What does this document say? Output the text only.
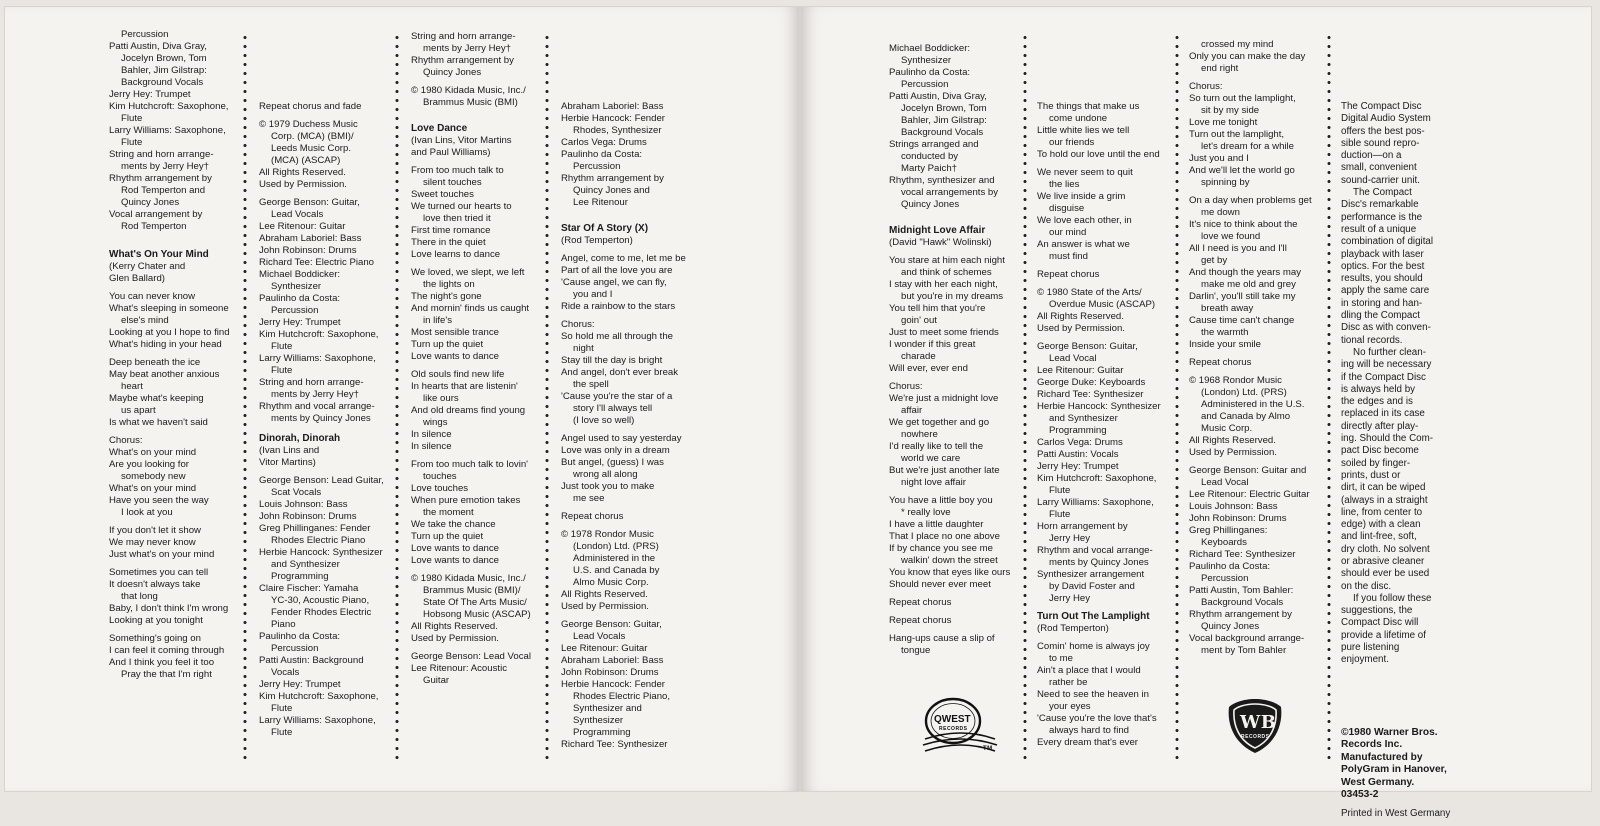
Percussion
Patti Austin, Diva Gray,
Jocelyn Brown, Tom
Bahler, Jim Gilstrap:
Background Vocals
Jerry Hey: Trumpet
Kim Hutchcroft: Saxophone,
Flute
Larry Williams: Saxophone,
Flute
String and horn arrange-
ments by Jerry Hey†
Rhythm arrangement by
Rod Temperton and
Quincy Jones
Vocal arrangement by
Rod Temperton
What's On Your Mind
(Kerry Chater and
Glen Ballard)
You can never know
What's sleeping in someone
else's mind
Looking at you I hope to find
What's hiding in your head
Deep beneath the ice
May beat another anxious
heart
Maybe what's keeping
us apart
Is what we haven't said
Chorus:
What's on your mind
Are you looking for
somebody new
What's on your mind
Have you seen the way
I look at you
If you don't let it show
We may never know
Just what's on your mind
Sometimes you can tell
It doesn't always take
that long
Baby, I don't think I'm wrong
Looking at you tonight
Something's going on
I can feel it coming through
And I think you feel it too
Pray the that I'm right
Repeat chorus and fade
© 1979 Duchess Music
Corp. (MCA) (BMI)/
Leeds Music Corp.
(MCA) (ASCAP)
All Rights Reserved.
Used by Permission.
George Benson: Guitar,
Lead Vocals
Lee Ritenour: Guitar
Abraham Laboriel: Bass
John Robinson: Drums
Richard Tee: Electric Piano
Michael Boddicker:
Synthesizer
Paulinho da Costa:
Percussion
Jerry Hey: Trumpet
Kim Hutchcroft: Saxophone,
Flute
Larry Williams: Saxophone,
Flute
String and horn arrange-
ments by Jerry Hey†
Rhythm and vocal arrange-
ments by Quincy Jones
Dinorah, Dinorah
(Ivan Lins and
Vitor Martins)
George Benson: Lead Guitar,
Scat Vocals
Louis Johnson: Bass
John Robinson: Drums
Greg Phillinganes: Fender
Rhodes Electric Piano
Herbie Hancock: Synthesizer
and Synthesizer
Programming
Claire Fischer: Yamaha
YC-30, Acoustic Piano,
Fender Rhodes Electric
Piano
Paulinho da Costa:
Percussion
Patti Austin: Background
Vocals
Jerry Hey: Trumpet
Kim Hutchcroft: Saxophone,
Flute
Larry Williams: Saxophone,
Flute
String and horn arrange-
ments by Jerry Hey†
Rhythm arrangement by
Quincy Jones
© 1980 Kidada Music, Inc./
Brammus Music (BMI)
Love Dance
(Ivan Lins, Vitor Martins
and Paul Williams)
From too much talk to
silent touches
Sweet touches
We turned our hearts to
love then tried it
First time romance
There in the quiet
Love learns to dance
We loved, we slept, we left
the lights on
The night's gone
And mornin' finds us caught
in life's
Most sensible trance
Turn up the quiet
Love wants to dance
Old souls find new life
In hearts that are listenin'
like ours
And old dreams find young
wings
In silence
In silence
From too much talk to lovin'
touches
Love touches
When pure emotion takes
the moment
We take the chance
Turn up the quiet
Love wants to dance
Love wants to dance
© 1980 Kidada Music, Inc./
Brammus Music (BMI)/
State Of The Arts Music/
Hobsong Music (ASCAP)
All Rights Reserved.
Used by Permission.
George Benson: Lead Vocal
Lee Ritenour: Acoustic
Guitar
Abraham Laboriel: Bass
Herbie Hancock: Fender
Rhodes, Synthesizer
Carlos Vega: Drums
Paulinho da Costa:
Percussion
Rhythm arrangement by
Quincy Jones and
Lee Ritenour
Star Of A Story (X)
(Rod Temperton)
Angel, come to me, let me be
Part of all the love you are
'Cause angel, we can fly,
you and I
Ride a rainbow to the stars
Chorus:
So hold me all through the
night
Stay till the day is bright
And angel, don't ever break
the spell
'Cause you're the star of a
story I'll always tell
(I love so well)
Angel used to say yesterday
Love was only in a dream
But angel, (guess) I was
wrong all along
Just took you to make
me see
Repeat chorus
© 1978 Rondor Music
(London) Ltd. (PRS)
Administered in the
U.S. and Canada by
Almo Music Corp.
All Rights Reserved.
Used by Permission.
George Benson: Guitar,
Lead Vocals
Lee Ritenour: Guitar
Abraham Laboriel: Bass
John Robinson: Drums
Herbie Hancock: Fender
Rhodes Electric Piano,
Synthesizer and
Synthesizer
Programming
Richard Tee: Synthesizer
Michael Boddicker:
Synthesizer
Paulinho da Costa:
Percussion
Patti Austin, Diva Gray,
Jocelyn Brown, Tom
Bahler, Jim Gilstrap:
Background Vocals
Strings arranged and
conducted by
Marty Paich†
Rhythm, synthesizer and
vocal arrangements by
Quincy Jones
Midnight Love Affair
(David "Hawk" Wolinski)
You stare at him each night
and think of schemes
I stay with her each night,
but you're in my dreams
You tell him that you're
goin' out
Just to meet some friends
I wonder if this great
charade
Will ever, ever end
Chorus:
We're just a midnight love
affair
We get together and go
nowhere
I'd really like to tell the
world we care
But we're just another late
night love affair
You have a little boy you
* really love
I have a little daughter
That I place no one above
If by chance you see me
walkin' down the street
You know that eyes like ours
Should never ever meet
Repeat chorus
Repeat chorus
Hang-ups cause a slip of
tongue
The things that make us
come undone
Little white lies we tell
our friends
To hold our love until the end
We never seem to quit
the lies
We live inside a grim
disguise
We love each other, in
our mind
An answer is what we
must find
Repeat chorus
© 1980 State of the Arts/
Overdue Music (ASCAP)
All Rights Reserved.
Used by Permission.
George Benson: Guitar,
Lead Vocal
Lee Ritenour: Guitar
George Duke: Keyboards
Richard Tee: Synthesizer
Herbie Hancock: Synthesizer
and Synthesizer
Programming
Carlos Vega: Drums
Patti Austin: Vocals
Jerry Hey: Trumpet
Kim Hutchcroft: Saxophone,
Flute
Larry Williams: Saxophone,
Flute
Horn arrangement by
Jerry Hey
Rhythm and vocal arrange-
ments by Quincy Jones
Synthesizer arrangement
by David Foster and
Jerry Hey
Turn Out The Lamplight
(Rod Temperton)
Comin' home is always joy
to me
Ain't a place that I would
rather be
Need to see the heaven in
your eyes
'Cause you're the love that's
always hard to find
Every dream that's ever
crossed my mind
Only you can make the day
end right
Chorus:
So turn out the lamplight,
sit by my side
Love me tonight
Turn out the lamplight,
let's dream for a while
Just you and I
And we'll let the world go
spinning by
On a day when problems get
me down
It's nice to think about the
love we found
All I need is you and I'll
get by
And though the years may
make me old and grey
Darlin', you'll still take my
breath away
Cause time can't change
the warmth
Inside your smile
Repeat chorus
© 1968 Rondor Music
(London) Ltd. (PRS)
Administered in the U.S.
and Canada by Almo
Music Corp.
All Rights Reserved.
Used by Permission.
George Benson: Guitar and
Lead Vocal
Lee Ritenour: Electric Guitar
Louis Johnson: Bass
John Robinson: Drums
Greg Phillinganes:
Keyboards
Richard Tee: Synthesizer
Paulinho da Costa:
Percussion
Patti Austin, Tom Bahler:
Background Vocals
Rhythm arrangement by
Quincy Jones
Vocal background arrange-
ment by Tom Bahler
The Compact Disc
Digital Audio System
offers the best pos-
sible sound repro-
duction—on a
small, convenient
sound-carrier unit.
The Compact
Disc's remarkable
performance is the
result of a unique
combination of digital
playback with laser
optics. For the best
results, you should
apply the same care
in storing and han-
dling the Compact
Disc as with conven-
tional records.
No further clean-
ing will be necessary
if the Compact Disc
is always held by
the edges and is
replaced in its case
directly after play-
ing. Should the Com-
pact Disc become
soiled by finger-
prints, dust or
dirt, it can be wiped
(always in a straight
line, from center to
edge) with a clean
and lint-free, soft,
dry cloth. No solvent
or abrasive cleaner
should ever be used
on the disc.
If you follow these
suggestions, the
Compact Disc will
provide a lifetime of
pure listening
enjoyment.
©1980 Warner Bros.
Records Inc.
Manufactured by
PolyGram in Hanover,
West Germany.
03453-2
Printed in West Germany
QWEST
RECORDS
TM
WB
RECORDS
